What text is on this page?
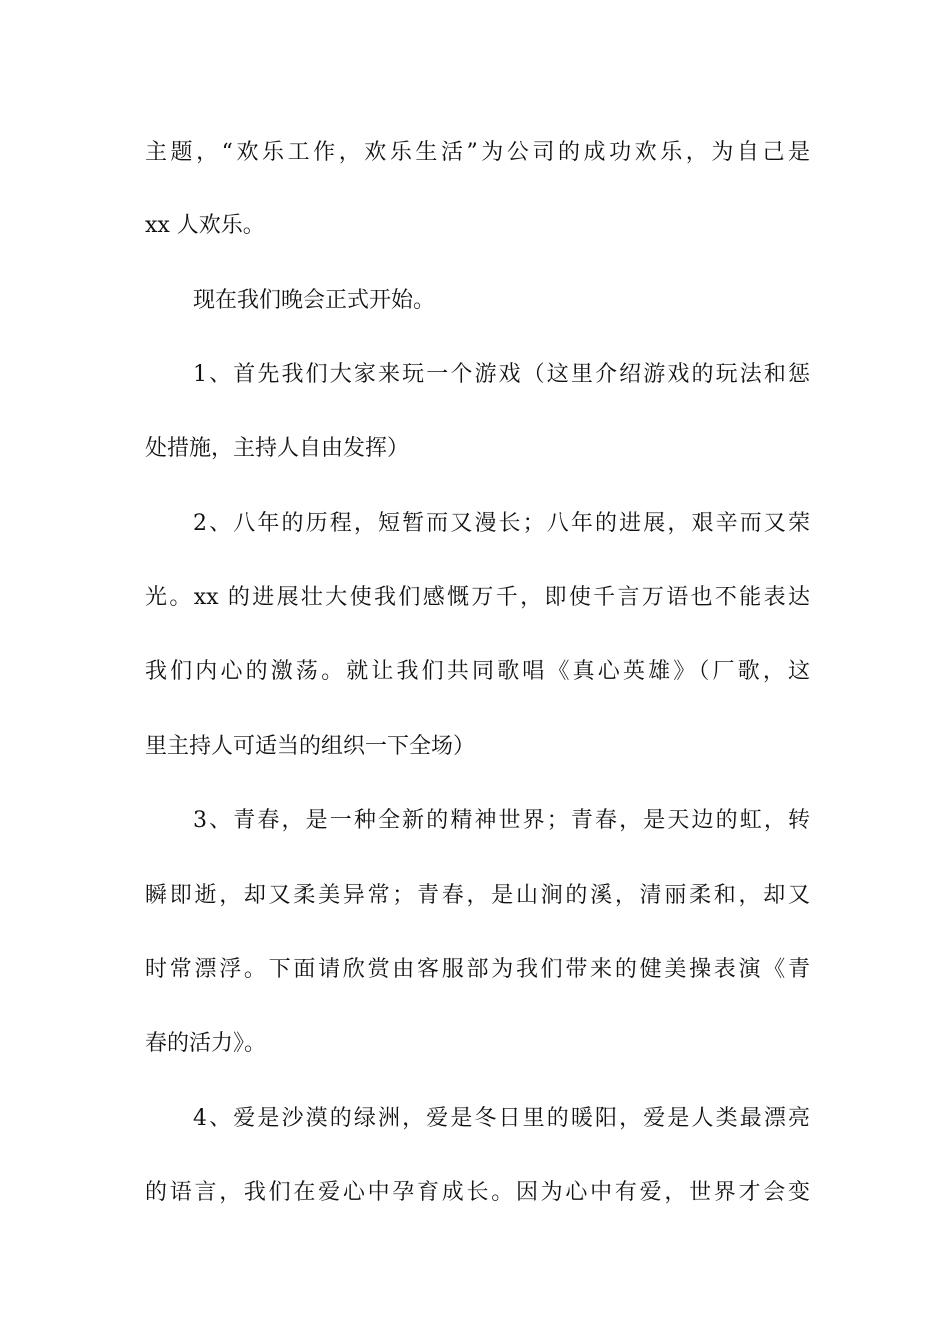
主题，“欢乐工作，欢乐生活”为公司的成功欢乐，为自己是
xx 人欢乐。
现在我们晚会正式开始。
1、首先我们大家来玩一个游戏（这里介绍游戏的玩法和惩
处措施，主持人自由发挥）
2、八年的历程，短暂而又漫长；八年的进展，艰辛而又荣
光。xx 的进展壮大使我们感慨万千，即使千言万语也不能表达
我们内心的激荡。就让我们共同歌唱《真心英雄》（厂歌，这
里主持人可适当的组织一下全场）
3、青春，是一种全新的精神世界；青春，是天边的虹，转
瞬即逝，却又柔美异常；青春，是山涧的溪，清丽柔和，却又
时常漂浮。下面请欣赏由客服部为我们带来的健美操表演《青
春的活力》。
4、爱是沙漠的绿洲，爱是冬日里的暖阳，爱是人类最漂亮
的语言，我们在爱心中孕育成长。因为心中有爱，世界才会变
